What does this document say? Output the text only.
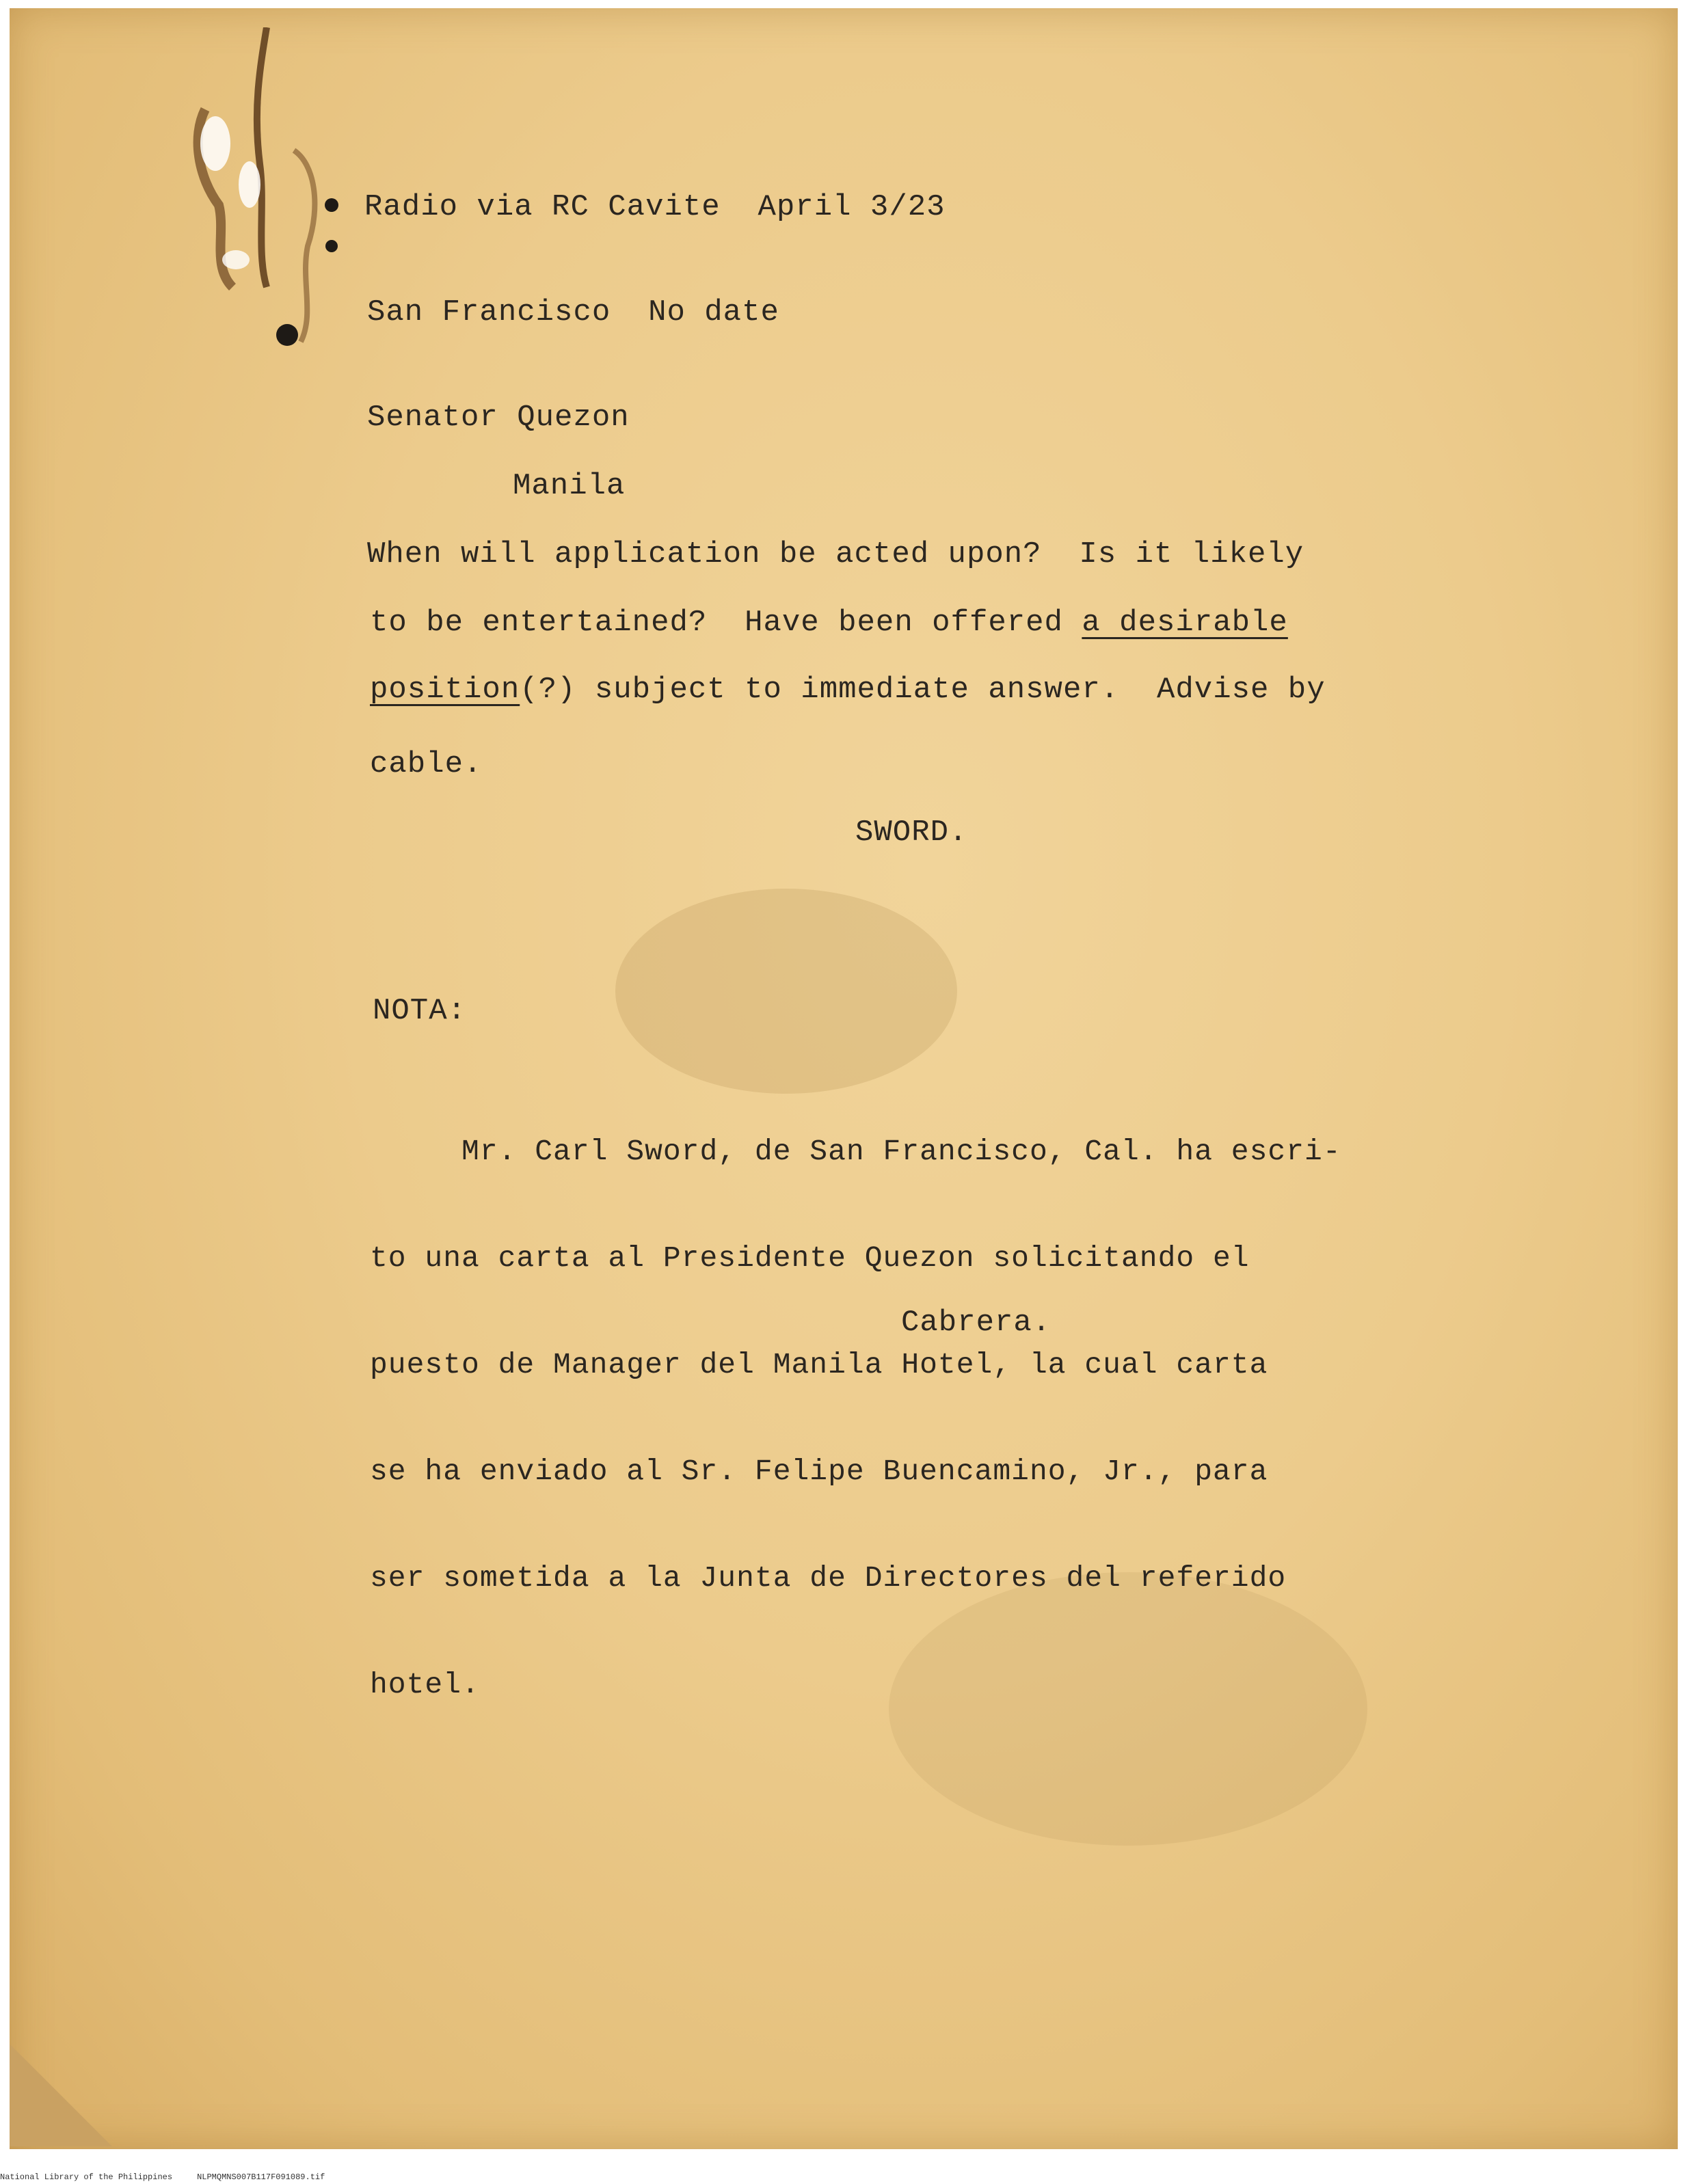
Radio via RC Cavite  April 3/23
San Francisco  No date
Senator Quezon
Manila
When will application be acted upon?  Is it likely
to be entertained?  Have been offered a desirable
position(?) subject to immediate answer.  Advise by
cable.
SWORD.
NOTA:

Mr. Carl Sword, de San Francisco, Cal. ha escri-

to una carta al Presidente Quezon solicitando el

puesto de Manager del Manila Hotel, la cual carta

se ha enviado al Sr. Felipe Buencamino, Jr., para

ser sometida a la Junta de Directores del referido

hotel.

Cabrera.
National Library of the Philippines	NLPMQMNS007B117F091089.tif
